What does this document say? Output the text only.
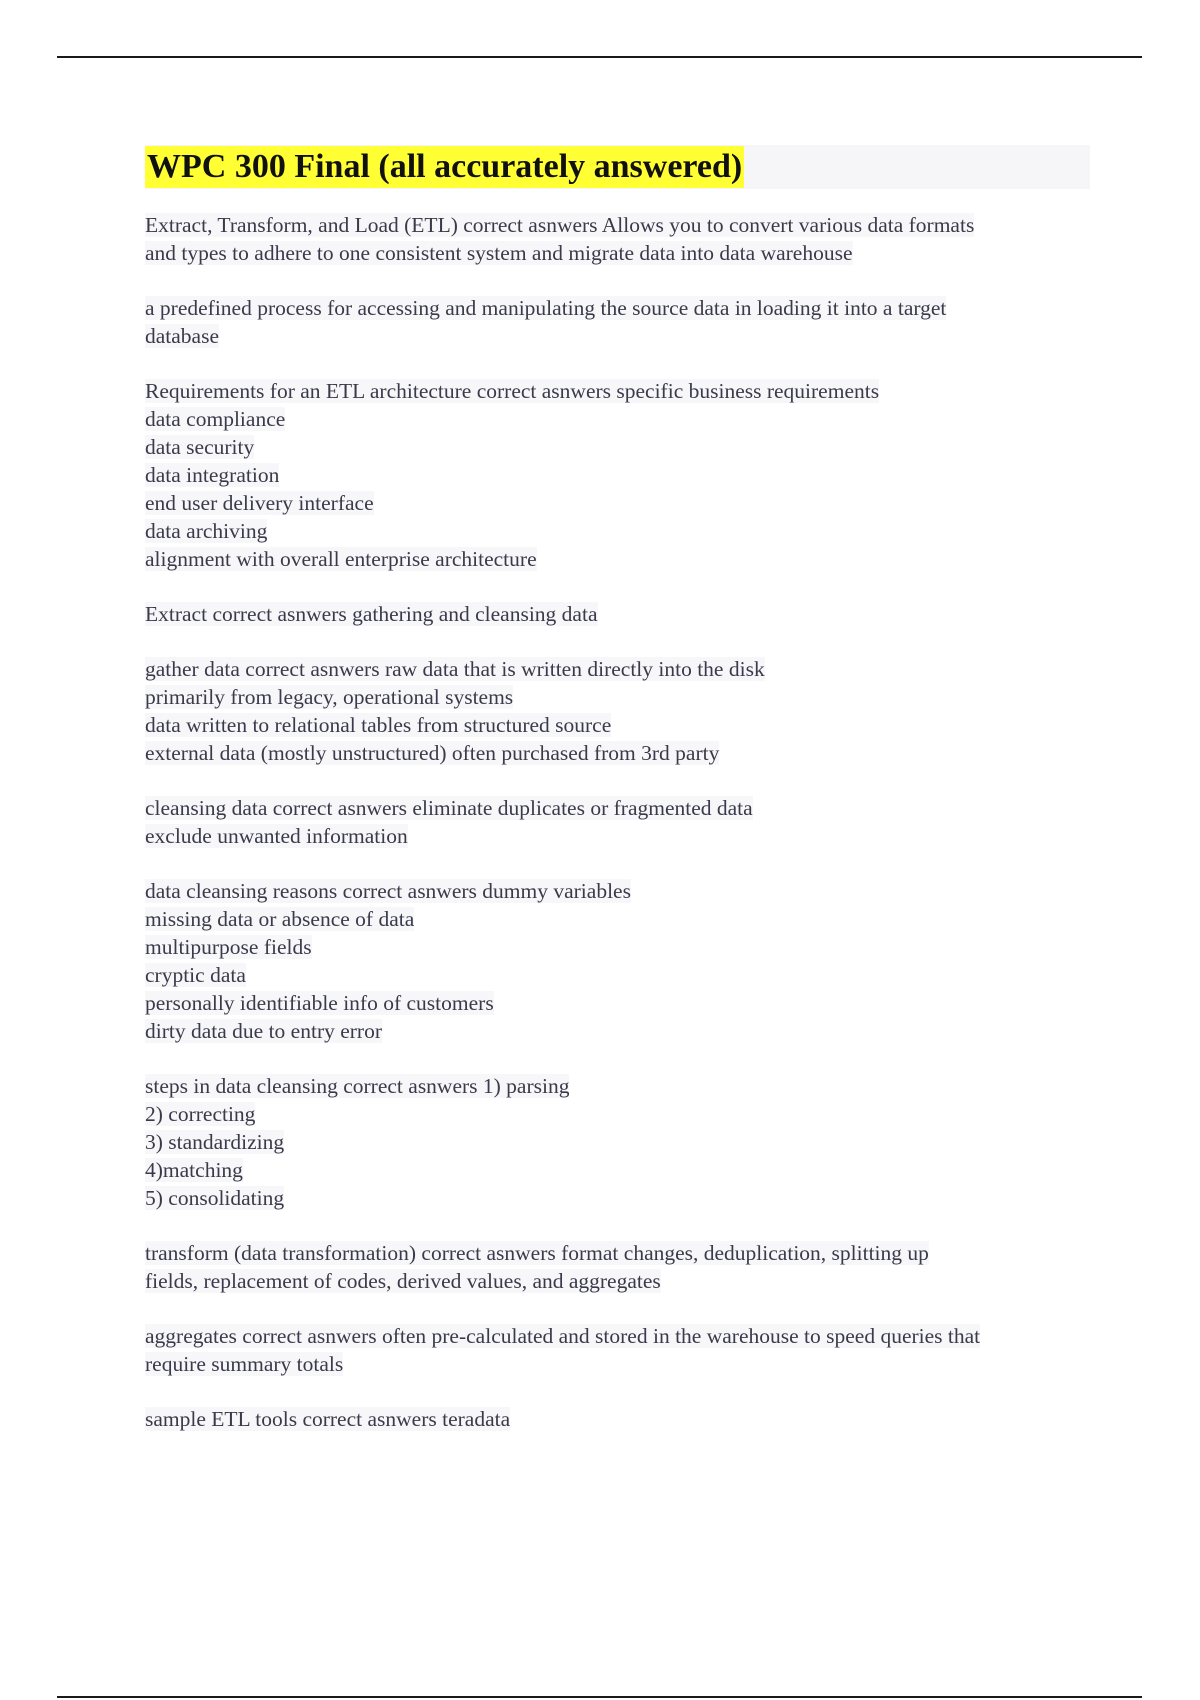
WPC 300 Final (all accurately answered)
Extract, Transform, and Load (ETL) correct asnwers Allows you to convert various data formats
and types to adhere to one consistent system and migrate data into data warehouse
a predefined process for accessing and manipulating the source data in loading it into a target
database
Requirements for an ETL architecture correct asnwers specific business requirements
data compliance
data security
data integration
end user delivery interface
data archiving
alignment with overall enterprise architecture
Extract correct asnwers gathering and cleansing data
gather data correct asnwers raw data that is written directly into the disk
primarily from legacy, operational systems
data written to relational tables from structured source
external data (mostly unstructured) often purchased from 3rd party
cleansing data correct asnwers eliminate duplicates or fragmented data
exclude unwanted information
data cleansing reasons correct asnwers dummy variables
missing data or absence of data
multipurpose fields
cryptic data
personally identifiable info of customers
dirty data due to entry error
steps in data cleansing correct asnwers 1) parsing
2) correcting
3) standardizing
4)matching
5) consolidating
transform (data transformation) correct asnwers format changes, deduplication, splitting up
fields, replacement of codes, derived values, and aggregates
aggregates correct asnwers often pre-calculated and stored in the warehouse to speed queries that
require summary totals
sample ETL tools correct asnwers teradata
